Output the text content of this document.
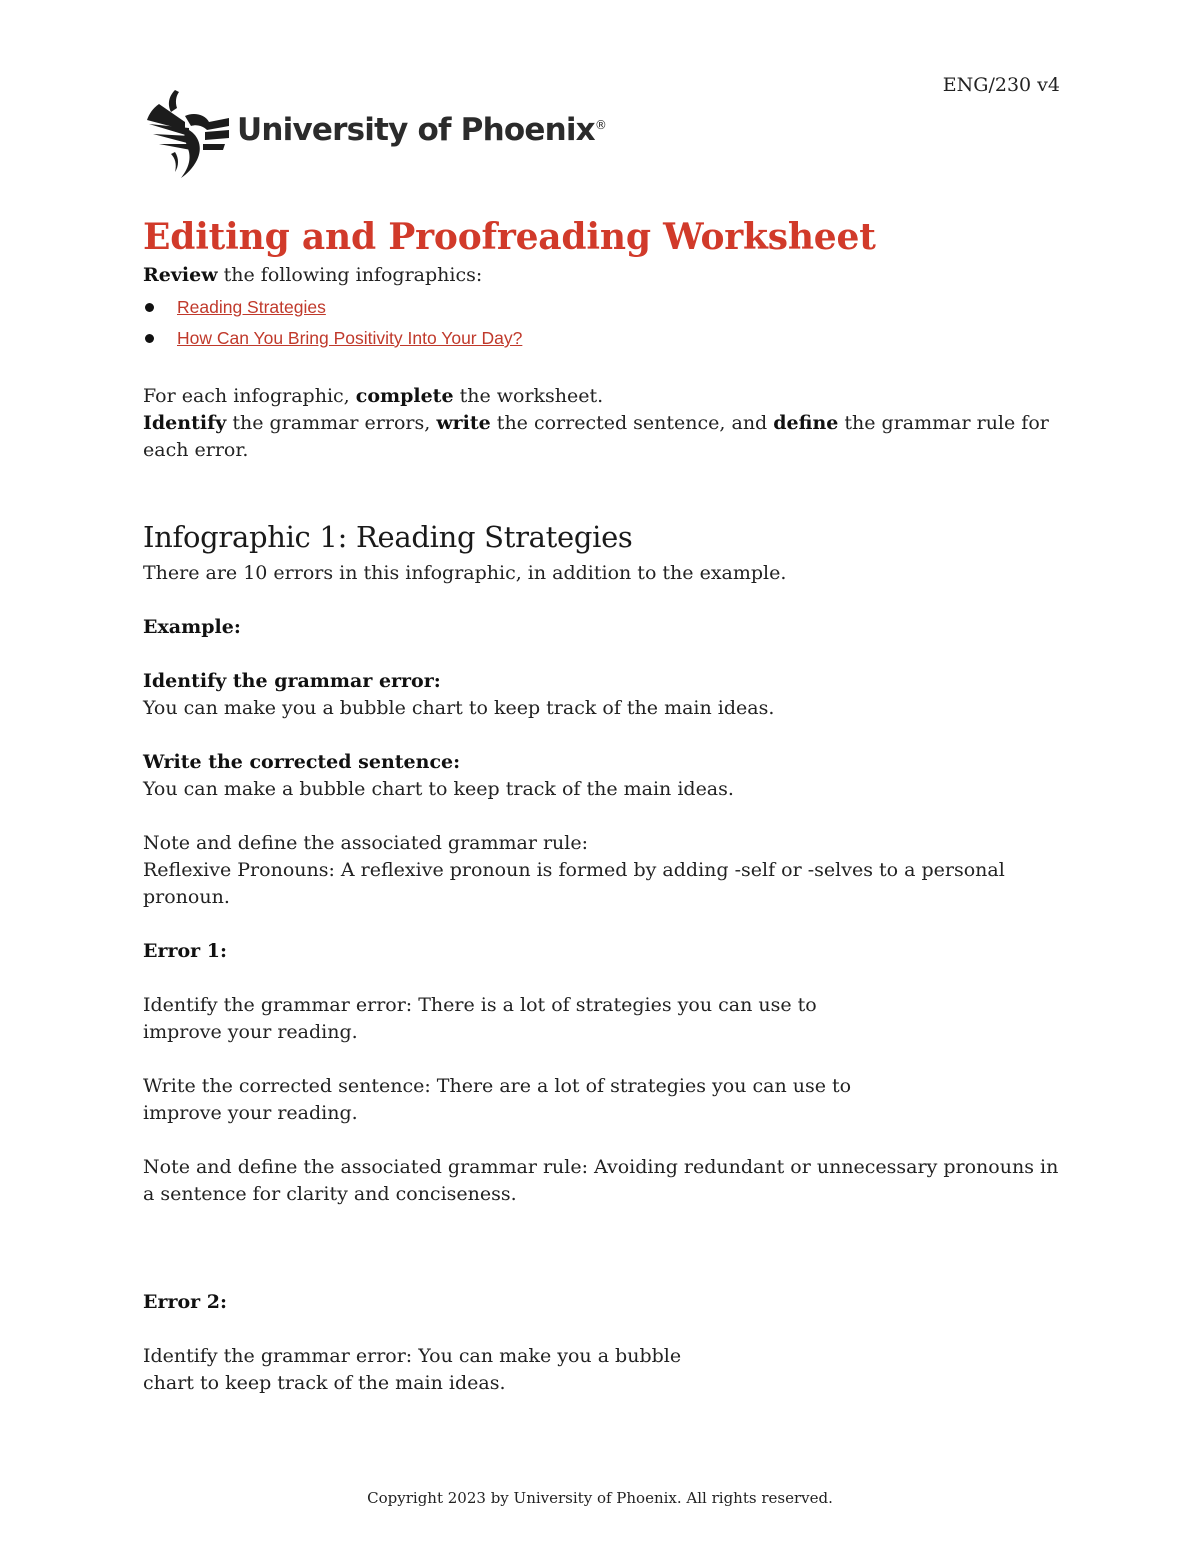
ENG/230 v4
University of Phoenix®
Editing and Proofreading Worksheet

Review the following infographics:

Reading Strategies
How Can You Bring Positivity Into Your Day?

For each infographic, complete the worksheet.

Identify the grammar errors, write the corrected sentence, and define the grammar rule for each error.

Infographic 1: Reading Strategies

There are 10 errors in this infographic, in addition to the example.

Example:

Identify the grammar error:

You can make you a bubble chart to keep track of the main ideas.

Write the corrected sentence:

You can make a bubble chart to keep track of the main ideas.

Note and define the associated grammar rule:

Reflexive Pronouns: A reflexive pronoun is formed by adding -self or -selves to a personal pronoun.

Error 1:

Identify the grammar error: There is a lot of strategies you can use to

improve your reading.

Write the corrected sentence: There are a lot of strategies you can use to

improve your reading.

Note and define the associated grammar rule: Avoiding redundant or unnecessary pronouns in a sentence for clarity and conciseness.

Error 2:

Identify the grammar error: You can make you a bubble

chart to keep track of the main ideas.

Copyright 2023 by University of Phoenix. All rights reserved.
